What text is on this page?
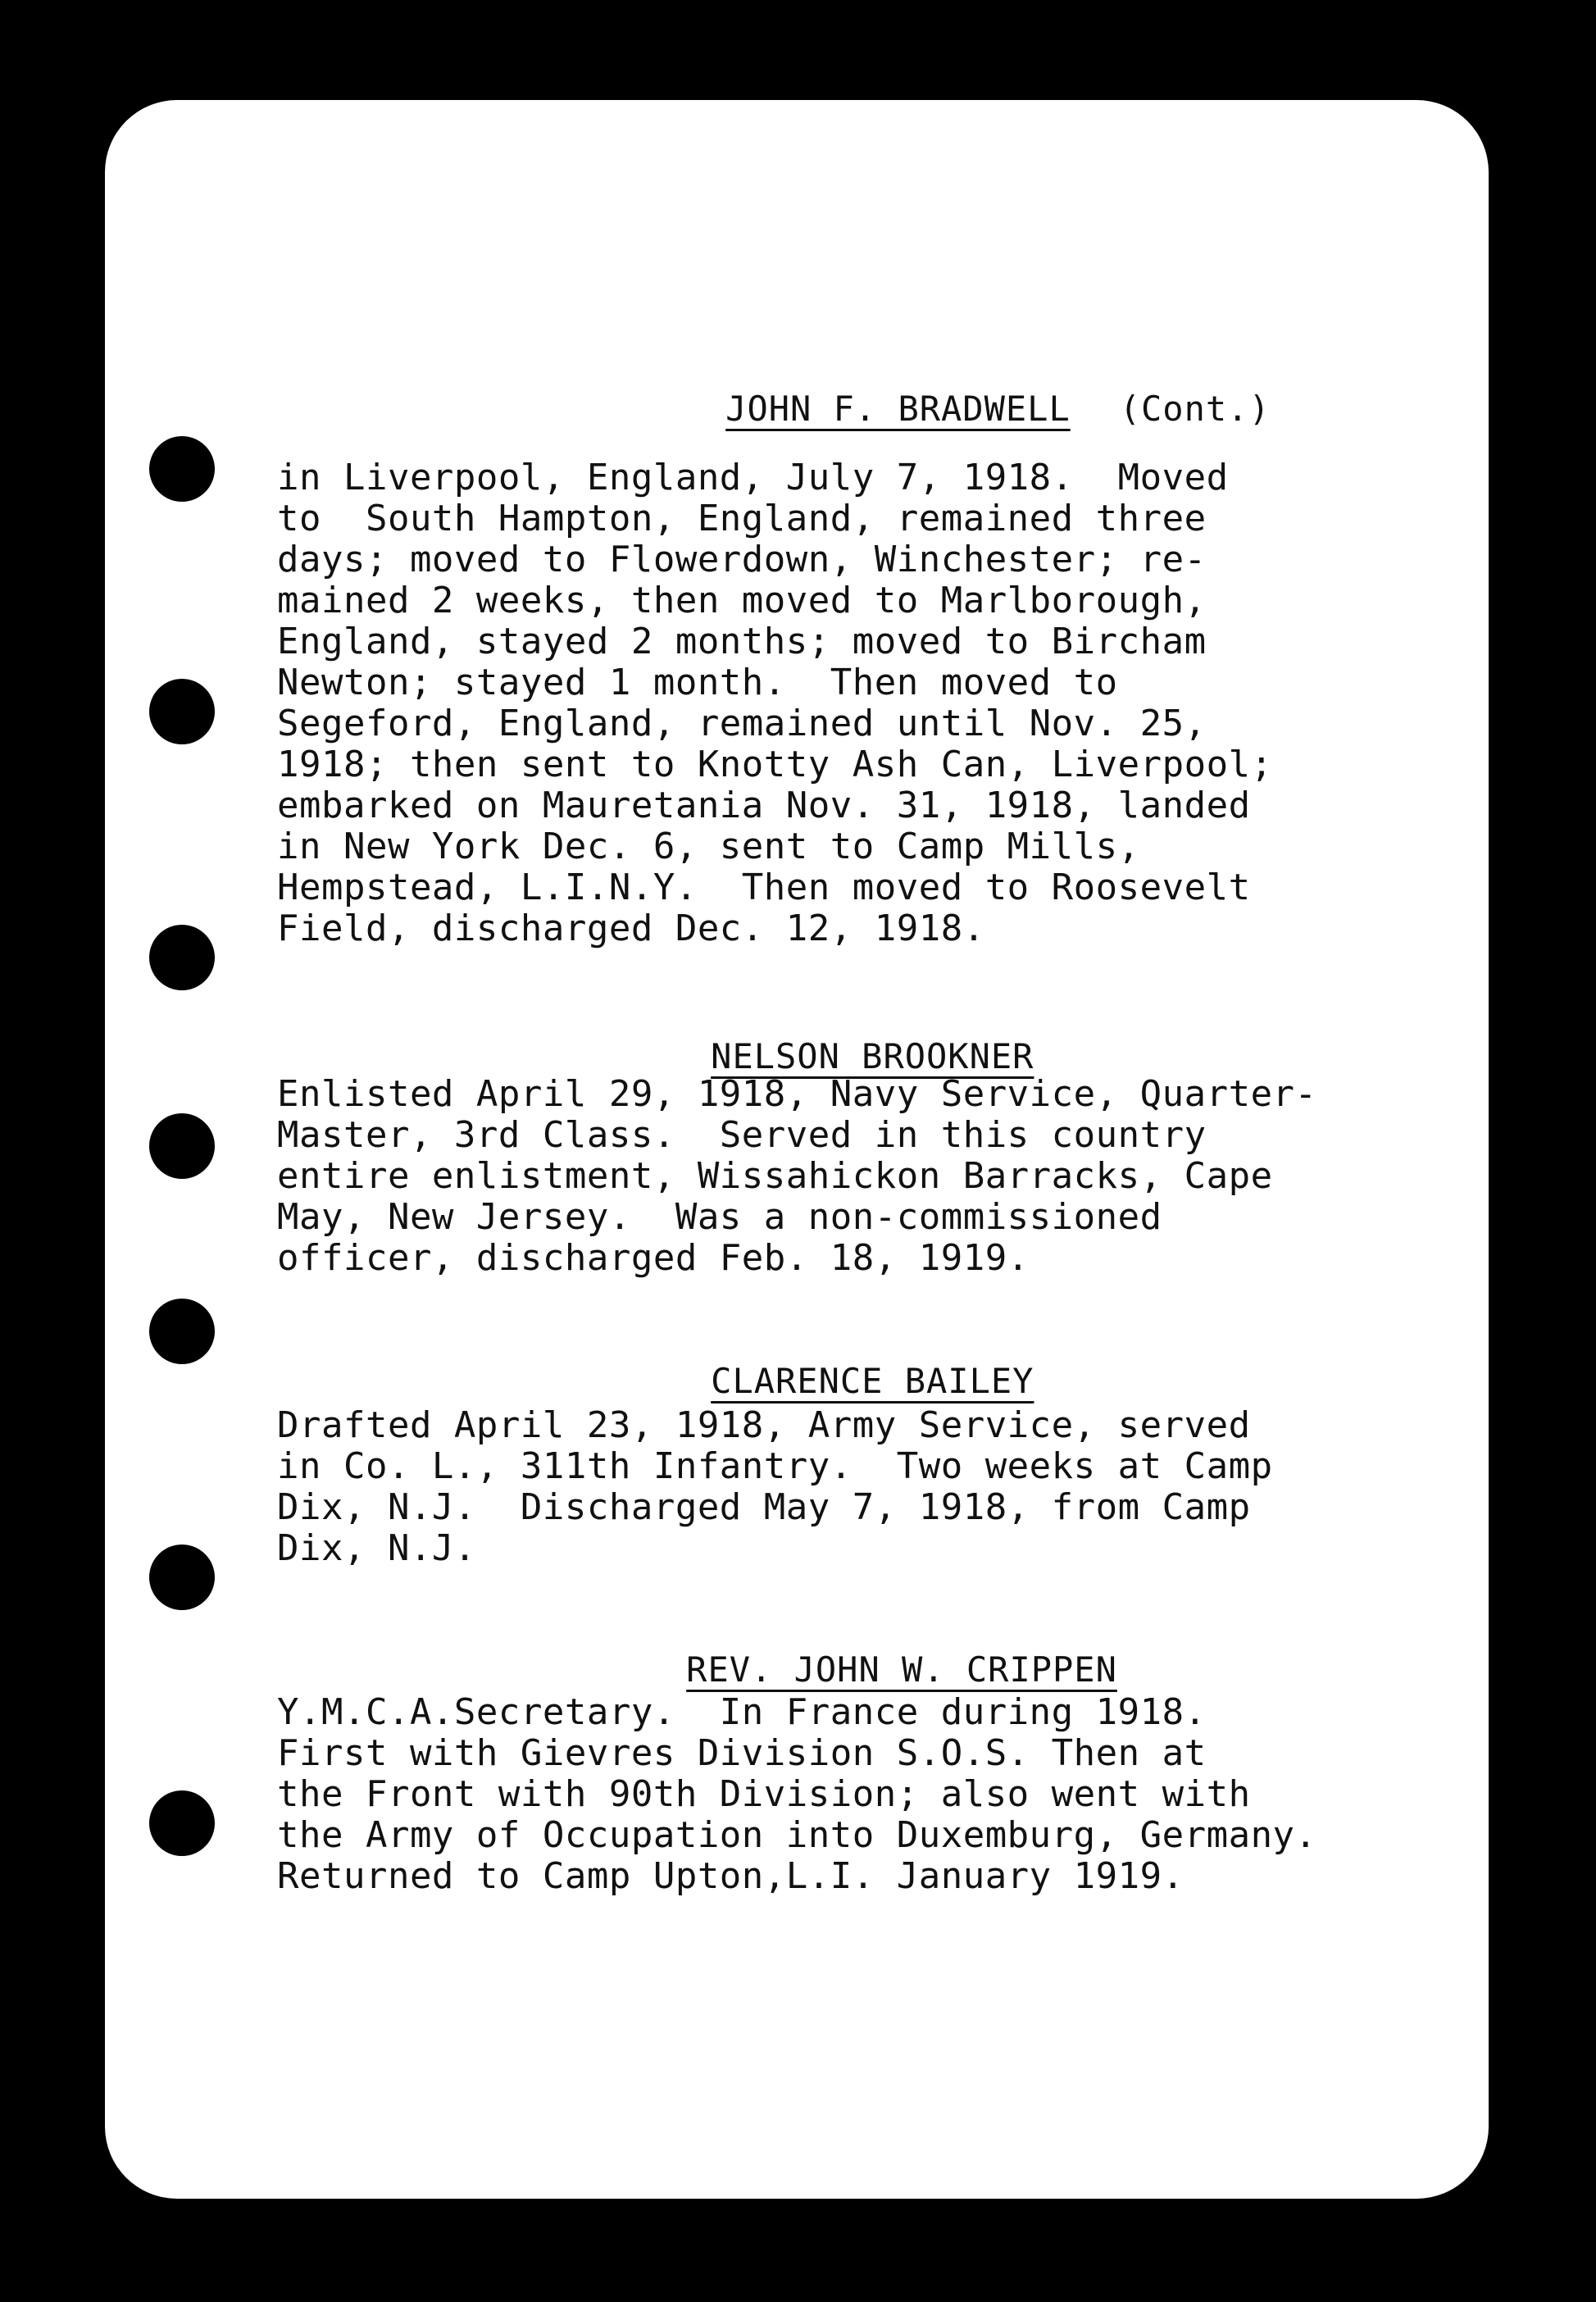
JOHN F. BRADWELL (Cont.)

in Liverpool, England, July 7, 1918.  Moved
to  South Hampton, England, remained three
days; moved to Flowerdown, Winchester; re-
mained 2 weeks, then moved to Marlborough,
England, stayed 2 months; moved to Bircham
Newton; stayed 1 month.  Then moved to
Segeford, England, remained until Nov. 25,
1918; then sent to Knotty Ash Can, Liverpool;
embarked on Mauretania Nov. 31, 1918, landed
in New York Dec. 6, sent to Camp Mills,
Hempstead, L.I.N.Y.  Then moved to Roosevelt
Field, discharged Dec. 12, 1918.

NELSON BROOKNER

Enlisted April 29, 1918, Navy Service, Quarter-
Master, 3rd Class.  Served in this country
entire enlistment, Wissahickon Barracks, Cape
May, New Jersey.  Was a non-commissioned
officer, discharged Feb. 18, 1919.

CLARENCE BAILEY

Drafted April 23, 1918, Army Service, served
in Co. L., 311th Infantry.  Two weeks at Camp
Dix, N.J.  Discharged May 7, 1918, from Camp
Dix, N.J.

REV. JOHN W. CRIPPEN

Y.M.C.A.Secretary.  In France during 1918.
First with Gievres Division S.O.S. Then at
the Front with 90th Division; also went with
the Army of Occupation into Duxemburg, Germany.
Returned to Camp Upton,L.I. January 1919.
